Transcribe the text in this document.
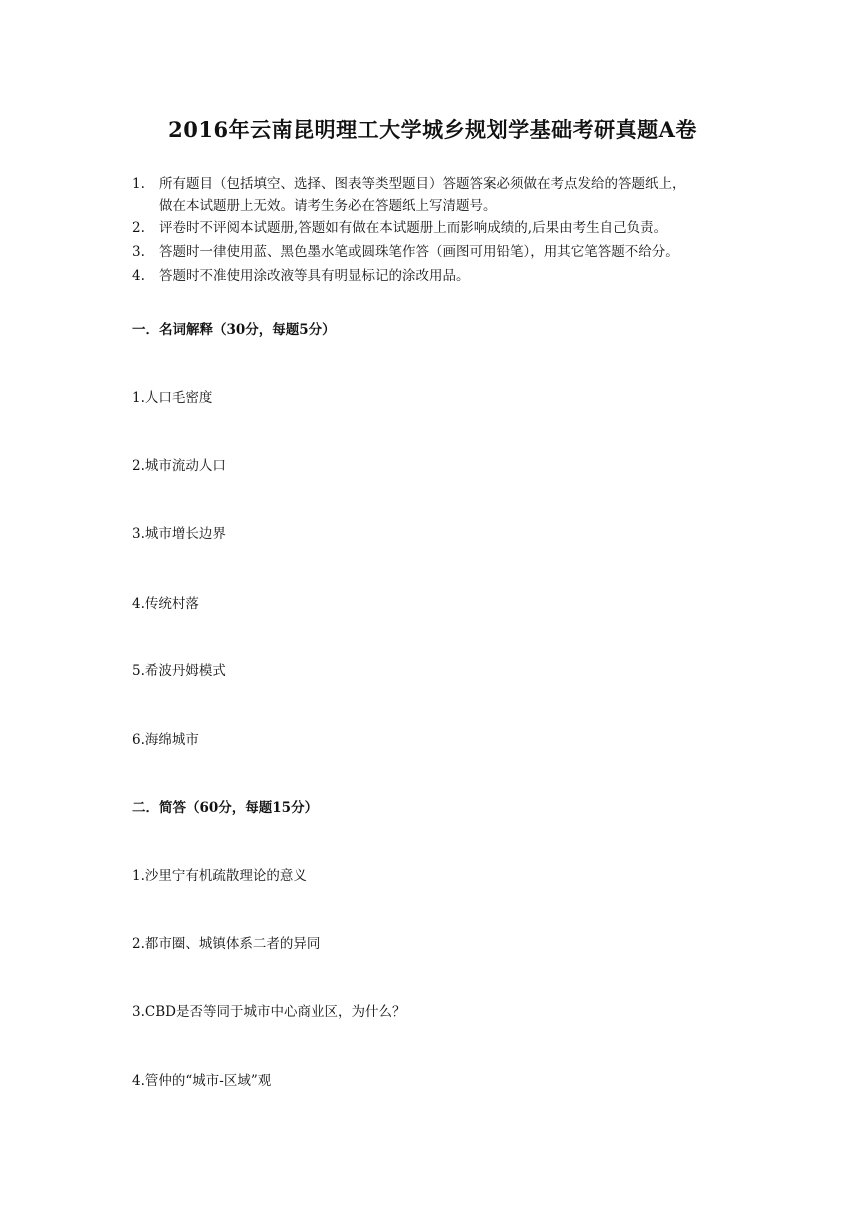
2016年云南昆明理工大学城乡规划学基础考研真题A卷
1.	所有题目（包括填空、选择、图表等类型题目）答题答案必须做在考点发给的答题纸上，
做在本试题册上无效。请考生务必在答题纸上写清题号。
2.	评卷时不评阅本试题册,答题如有做在本试题册上而影响成绩的,后果由考生自己负责。
3.	答题时一律使用蓝、黑色墨水笔或圆珠笔作答（画图可用铅笔），用其它笔答题不给分。
4.	答题时不准使用涂改液等具有明显标记的涂改用品。
一．名词解释（30分，每题5分）
1.人口毛密度
2.城市流动人口
3.城市增长边界
4.传统村落
5.希波丹姆模式
6.海绵城市
二．简答（60分，每题15分）
1.沙里宁有机疏散理论的意义
2.都市圈、城镇体系二者的异同
3.CBD是否等同于城市中心商业区，为什么？
4.管仲的“城市-区域”观
